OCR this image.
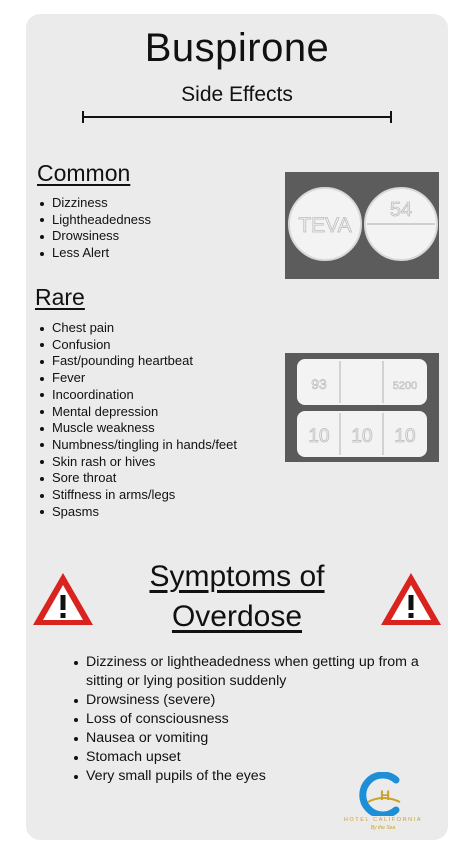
Buspirone
Side Effects
Common
Dizziness
Lightheadedness
Drowsiness
Less Alert
TEVA
54
Rare
Chest pain
Confusion
Fast/pounding heartbeat
Fever
Incoordination
Mental depression
Muscle weakness
Numbness/tingling in hands/feet
Skin rash or hives
Sore throat
Stiffness in arms/legs
Spasms
93	5200
10 10 10
Symptoms of
Overdose
Dizziness or lightheadedness when getting up from a sitting or lying position suddenly
Drowsiness (severe)
Loss of consciousness
Nausea or vomiting
Stomach upset
Very small pupils of the eyes
H
HOTEL CALIFORNIA
By the Sea
